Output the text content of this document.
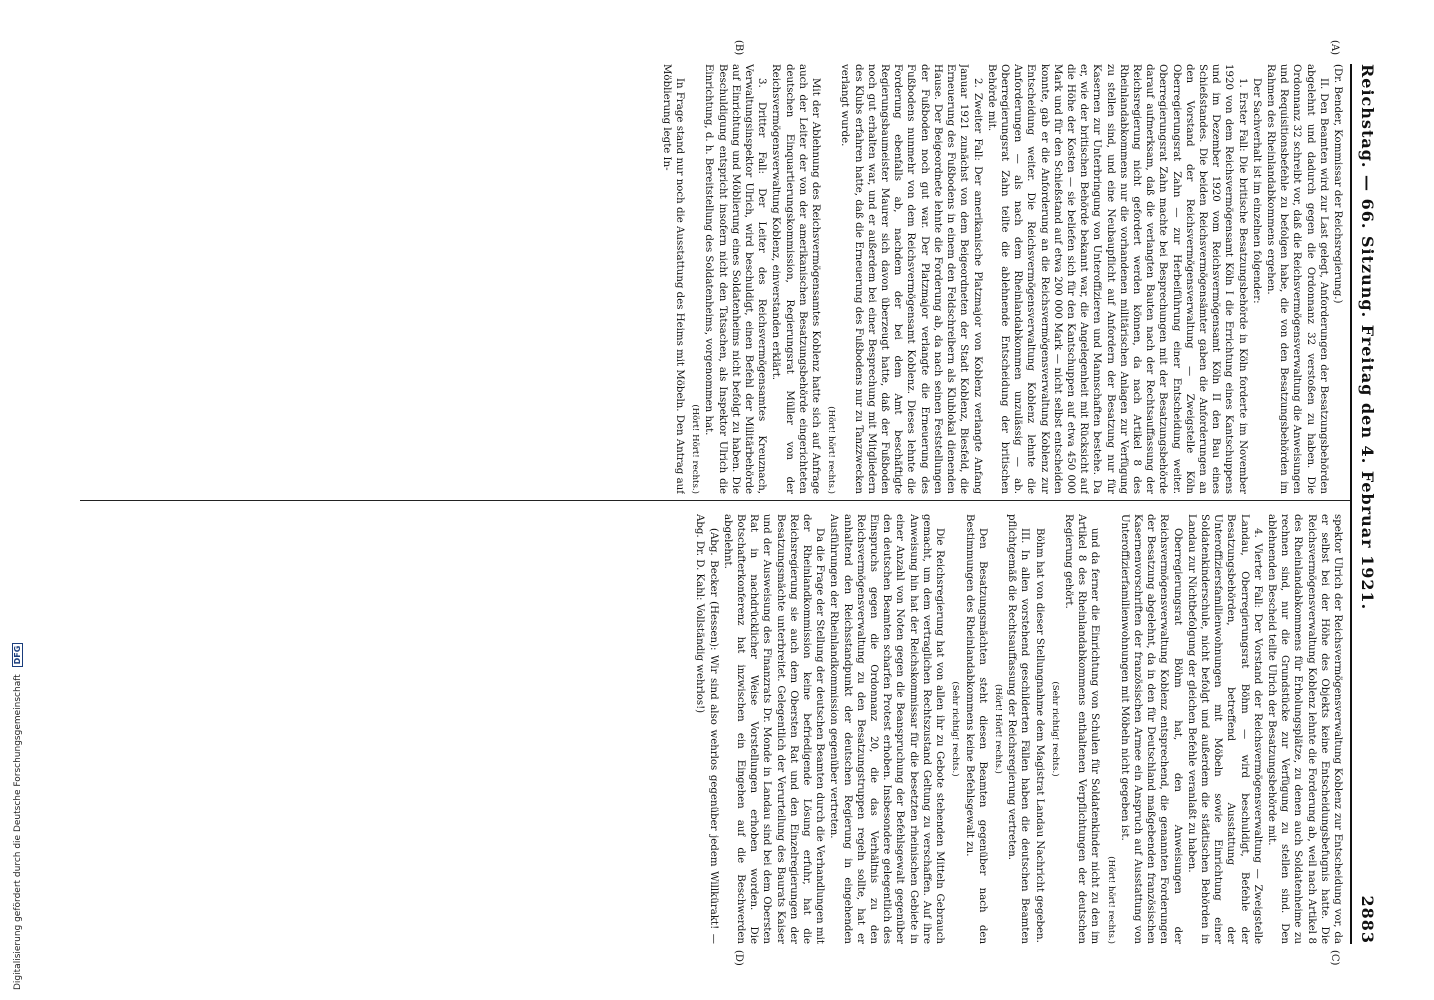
Reichstag. — 66. Sitzung. Freitag den 4. Februar 1921.
2883
(A)
(B)
(C)
(D)

(Dr. Bender, Kommissar der Reichsregierung.)

II. Den Beamten wird zur Last gelegt, Anforderungen der Besatzungsbehörden abgelehnt und dadurch gegen die Ordonnanz 32 verstoßen zu haben. Die Ordonnanz 32 schreibt vor, daß die Reichsvermögensverwaltung die Anweisungen und Requisitionsbefehle zu befolgen habe, die von den Besatzungsbehörden im Rahmen des Rheinlandabkommens ergehen.

Der Sachverhalt ist im einzelnen folgender:

1. Erster Fall: Die britische Besatzungsbehörde in Köln forderte im November 1920 von dem Reichsvermögensamt Köln I die Errichtung eines Kantschuppens und im Dezember 1920 vom Reichsvermögensamt Köln II den Bau eines Schießstandes. Die beiden Reichsvermögensämter gaben die Anforderungen an den Vorstand der Reichsvermögensverwaltung — Zweigstelle Köln Oberregierungsrat Zahn — zur Herbeiführung einer Entscheidung weiter. Oberregierungsrat Zahn machte bei Besprechungen mit der Besatzungsbehörde darauf aufmerksam, daß die verlangten Bauten nach der Rechtsauffassung der Reichsregierung nicht gefordert werden können, da nach Artikel 8 des Rheinlandabkommens nur die vorhandenen militärischen Anlagen zur Verfügung zu stellen sind, und eine Neubaupflicht auf Anfordern der Besatzung nur für Kasernen zur Unterbringung von Unteroffizieren und Mannschaften bestehe. Da er, wie der britischen Behörde bekannt war, die Angelegenheit mit Rücksicht auf die Höhe der Kosten — sie beliefen sich für den Kantschuppen auf etwa 450 000 Mark und für den Schießstand auf etwa 200 000 Mark — nicht selbst entscheiden konnte, gab er die Anforderung an die Reichsvermögensverwaltung Koblenz zur Entscheidung weiter. Die Reichsvermögensverwaltung Koblenz lehnte die Anforderungen — als nach dem Rheinlandabkommen unzulässig — ab. Oberregierungsrat Zahn teilte die ablehnende Entscheidung der britischen Behörde mit.

2. Zweiter Fall: Der amerikanische Platzmajor von Koblenz verlangte Anfang Januar 1921 zunächst von dem Beigeordneten der Stadt Koblenz, Biesfeld, die Erneuerung des Fußbodens in einem den Feldschreibern als Klublokal dienenden Hause. Der Beigeordnete lehnte die Forderung ab, da nach seinen Feststellungen der Fußboden noch gut war. Der Platzmajor verlangte die Erneuerung des Fußbodens nunmehr von dem Reichsvermögensamt Koblenz. Dieses lehnte die Forderung ebenfalls ab, nachdem der bei dem Amt beschäftigte Regierungsbaumeister Maurer sich davon überzeugt hatte, daß der Fußboden noch gut erhalten war, und er außerdem bei einer Besprechung mit Mitgliedern des Klubs erfahren hatte, daß die Erneuerung des Fußbodens nur zu Tanzzwecken verlangt wurde.

(Hört! hört! rechts.)

Mit der Ablehnung des Reichsvermögensamtes Koblenz hatte sich auf Anfrage auch der Leiter der von der amerikanischen Besatzungsbehörde eingerichteten deutschen Einquartierungskommission, Regierungsrat Müller von der Reichsvermögensverwaltung Koblenz, einverstanden erklärt.

3. Dritter Fall: Der Leiter des Reichsvermögensamtes Kreuznach, Verwaltungsinspektor Ulrich, wird beschuldigt, einen Befehl der Militärbehörde auf Einrichtung und Möblierung eines Soldatenheims nicht befolgt zu haben. Die Beschuldigung entspricht insofern nicht den Tatsachen, als Inspektor Ulrich die Einrichtung, d. h. Bereitstellung des Soldatenheims, vorgenommen hat.

(Hört! Hört! rechts.)

In Frage stand nur noch die Ausstattung des Heims mit Möbeln. Den Antrag auf Möblierung legte In-

spektor Ulrich der Reichsvermögensverwaltung Koblenz zur Entscheidung vor, da er selbst bei der Höhe des Objekts keine Entscheidungsbefugnis hatte. Die Reichsvermögensverwaltung Koblenz lehnte die Forderung ab, weil nach Artikel 8 des Rheinlandabkommens für Erholungsplätze, zu denen auch Soldatenheime zu rechnen sind, nur die Grundstücke zur Verfügung zu stellen sind. Den ablehnenden Bescheid teilte Ulrich der Besatzungsbehörde mit.

4. Vierter Fall: Der Vorstand der Reichsvermögensverwaltung — Zweigstelle Landau, Oberregierungsrat Böhm — wird beschuldigt, Befehle der Besatzungsbehörden, betreffend Ausstattung der Unteroffiziersfamilienwohnungen mit Möbeln sowie Einrichtung einer Soldatenkinderschule, nicht befolgt und außerdem die städtischen Behörden in Landau zur Nichtbefolgung der gleichen Befehle veranlaßt zu haben.

Oberregierungsrat Böhm hat, den Anweisungen der Reichsvermögensverwaltung Koblenz entsprechend, die genannten Forderungen der Besatzung abgelehnt, da in den für Deutschland maßgebenden französischen Kasernenvorschriften der französischen Armee ein Anspruch auf Ausstattung von Unteroffizierfamilienwohnungen mit Möbeln nicht gegeben ist.

(Hört! hört! rechts.)

und da ferner die Einrichtung von Schulen für Soldatenkinder nicht zu den im Artikel 8 des Rheinlandabkommens enthaltenen Verpflichtungen der deutschen Regierung gehört.

(Sehr richtig! rechts.)

Böhm hat von dieser Stellungnahme dem Magistrat Landau Nachricht gegeben.

III. In allen vorstehend geschilderten Fällen haben die deutschen Beamten pflichtgemäß die Rechtsauffassung der Reichsregierung vertreten.

(Hört! Hört! rechts.)

Den Besatzungsmächten steht diesen Beamten gegenüber nach den Bestimmungen des Rheinlandabkommens keine Befehlsgewalt zu.

(Sehr richtig! rechts.)

Die Reichsregierung hat von allen ihr zu Gebote stehenden Mitteln Gebrauch gemacht, um dem vertraglichen Rechtszustand Geltung zu verschaffen. Auf ihre Anweisung hin hat der Reichskommissar für die besetzten rheinischen Gebiete in einer Anzahl von Noten gegen die Beanspruchung der Befehlsgewalt gegenüber den deutschen Beamten scharfen Protest erhoben. Insbesondere gelegentlich des Einspruchs gegen die Ordonnanz 20, die das Verhältnis zu den Reichsvermögensverwaltung zu den Besatzungstruppen regeln sollte, hat er anhaltend den Reichsstandpunkt der deutschen Regierung in eingehenden Ausführungen der Rheinlandkommission gegenüber vertreten.

Da die Frage der Stellung der deutschen Beamten durch die Verhandlungen mit der Rheinlandkommission keine befriedigende Lösung erfuhr, hat die Reichsregierung sie auch dem Obersten Rat und den Einzelregierungen der Besatzungsmächte unterbreitet. Gelegentlich der Verurteilung des Baurats Kaiser und der Ausweisung des Finanzrats Dr. Monde in Landau sind bei dem Obersten Rat in nachdrücklicher Weise Vorstellungen erhoben worden. Die Botschafterkonferenz hat inzwischen ein Eingehen auf die Beschwerden abgelehnt.

(Abg. Becker (Hessen): Wir sind also wehrlos gegenüber jedem Willkürakt! — Abg. Dr. D. Kahl: Vollständig wehrlos!)

Digitalisierung gefördert durch die Deutsche Forschungsgemeinschaft DFG
